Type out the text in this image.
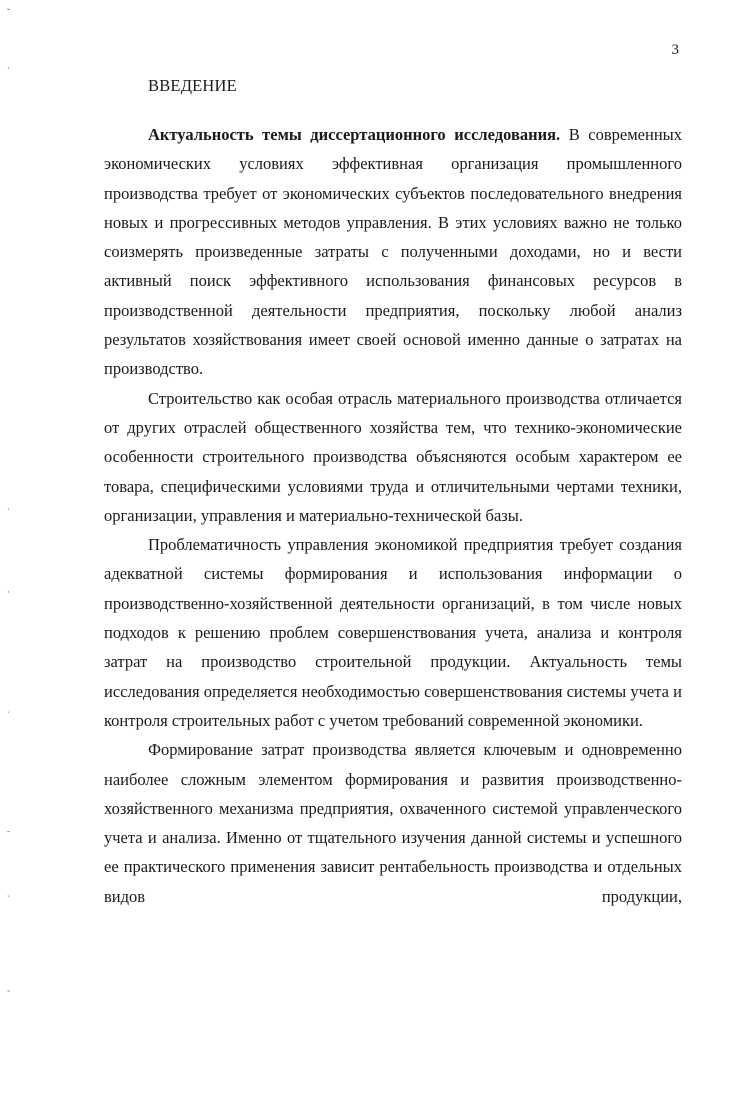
3
ВВЕДЕНИЕ

Актуальность темы диссертационного исследования. В современных экономических условиях эффективная организация промышленного производства требует от экономических субъектов последовательного внедрения новых и прогрессивных методов управления. В этих условиях важно не только соизмерять произведенные затраты с полученными доходами, но и вести активный поиск эффективного использования финансовых ресурсов в производственной деятельности предприятия, поскольку любой анализ результатов хозяйствования имеет своей основой именно данные о затратах на производство.

Строительство как особая отрасль материального производства отличается от других отраслей общественного хозяйства тем, что технико-экономические особенности строительного производства объясняются особым характером ее товара, специфическими условиями труда и отличительными чертами техники, организации, управления и материально-технической базы.

Проблематичность управления экономикой предприятия требует создания адекватной системы формирования и использования информации о производственно-хозяйственной деятельности организаций, в том числе новых подходов к решению проблем совершенствования учета, анализа и контроля затрат на производство строительной продукции. Актуальность темы исследования определяется необходимостью совершенствования системы учета и контроля строительных работ с учетом требований современной экономики.

Формирование затрат производства является ключевым и одновременно наиболее сложным элементом формирования и развития производственно-хозяйственного механизма предприятия, охваченного системой управленческого учета и анализа. Именно от тщательного изучения данной системы и успешного ее практического применения зависит рентабельность производства и отдельных видов продукции,

ˇ
·
ˋ
·
ˌ
˗
ˎ
˚
